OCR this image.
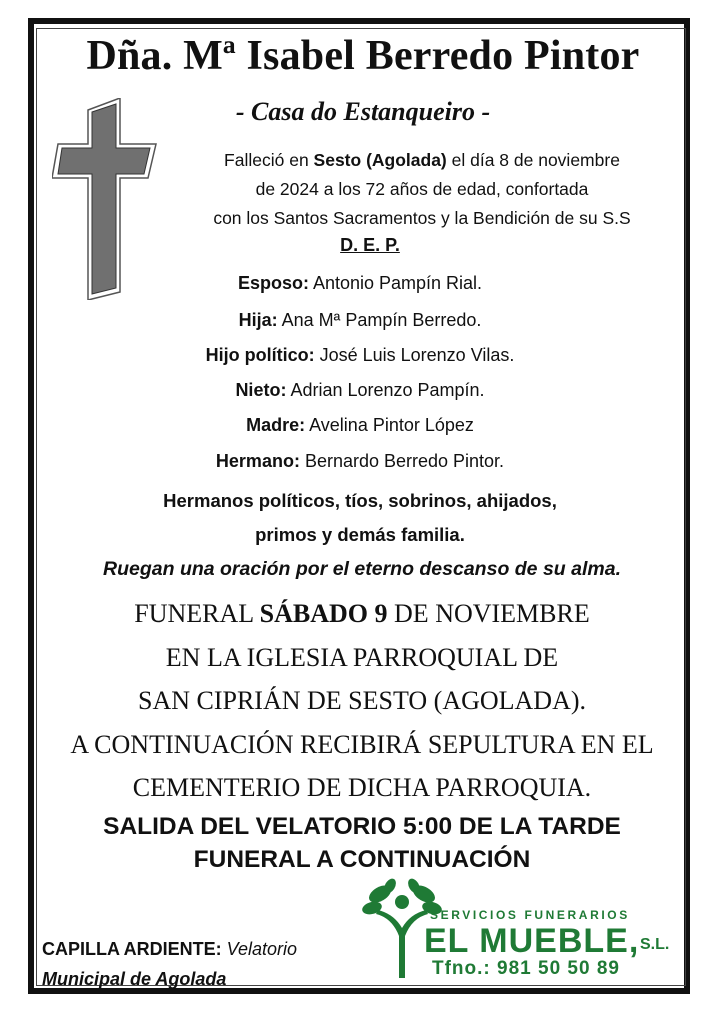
Dña. Mª Isabel Berredo Pintor

- Casa do Estanqueiro -

Falleció en Sesto (Agolada) el día 8 de noviembre

de 2024 a los 72 años de edad, confortada

con los Santos Sacramentos y la Bendición de su S.S

D. E. P.

Esposo: Antonio Pampín Rial.

Hija: Ana Mª Pampín Berredo.

Hijo político: José Luis Lorenzo Vilas.

Nieto: Adrian Lorenzo Pampín.

Madre: Avelina Pintor López

Hermano: Bernardo Berredo Pintor.

Hermanos políticos, tíos, sobrinos, ahijados,

primos y demás familia.

Ruegan una oración por el eterno descanso de su alma.

FUNERAL SÁBADO 9 DE NOVIEMBRE

EN LA IGLESIA PARROQUIAL DE

SAN CIPRIÁN DE SESTO (AGOLADA).

A CONTINUACIÓN RECIBIRÁ SEPULTURA EN EL

CEMENTERIO DE DICHA PARROQUIA.

SALIDA DEL VELATORIO 5:00 DE LA TARDE

FUNERAL A CONTINUACIÓN

CAPILLA ARDIENTE: Velatorio

Municipal de Agolada

SERVICIOS FUNERARIOS
EL MUEBLE, S.L.
Tfno.: 981 50 50 89
